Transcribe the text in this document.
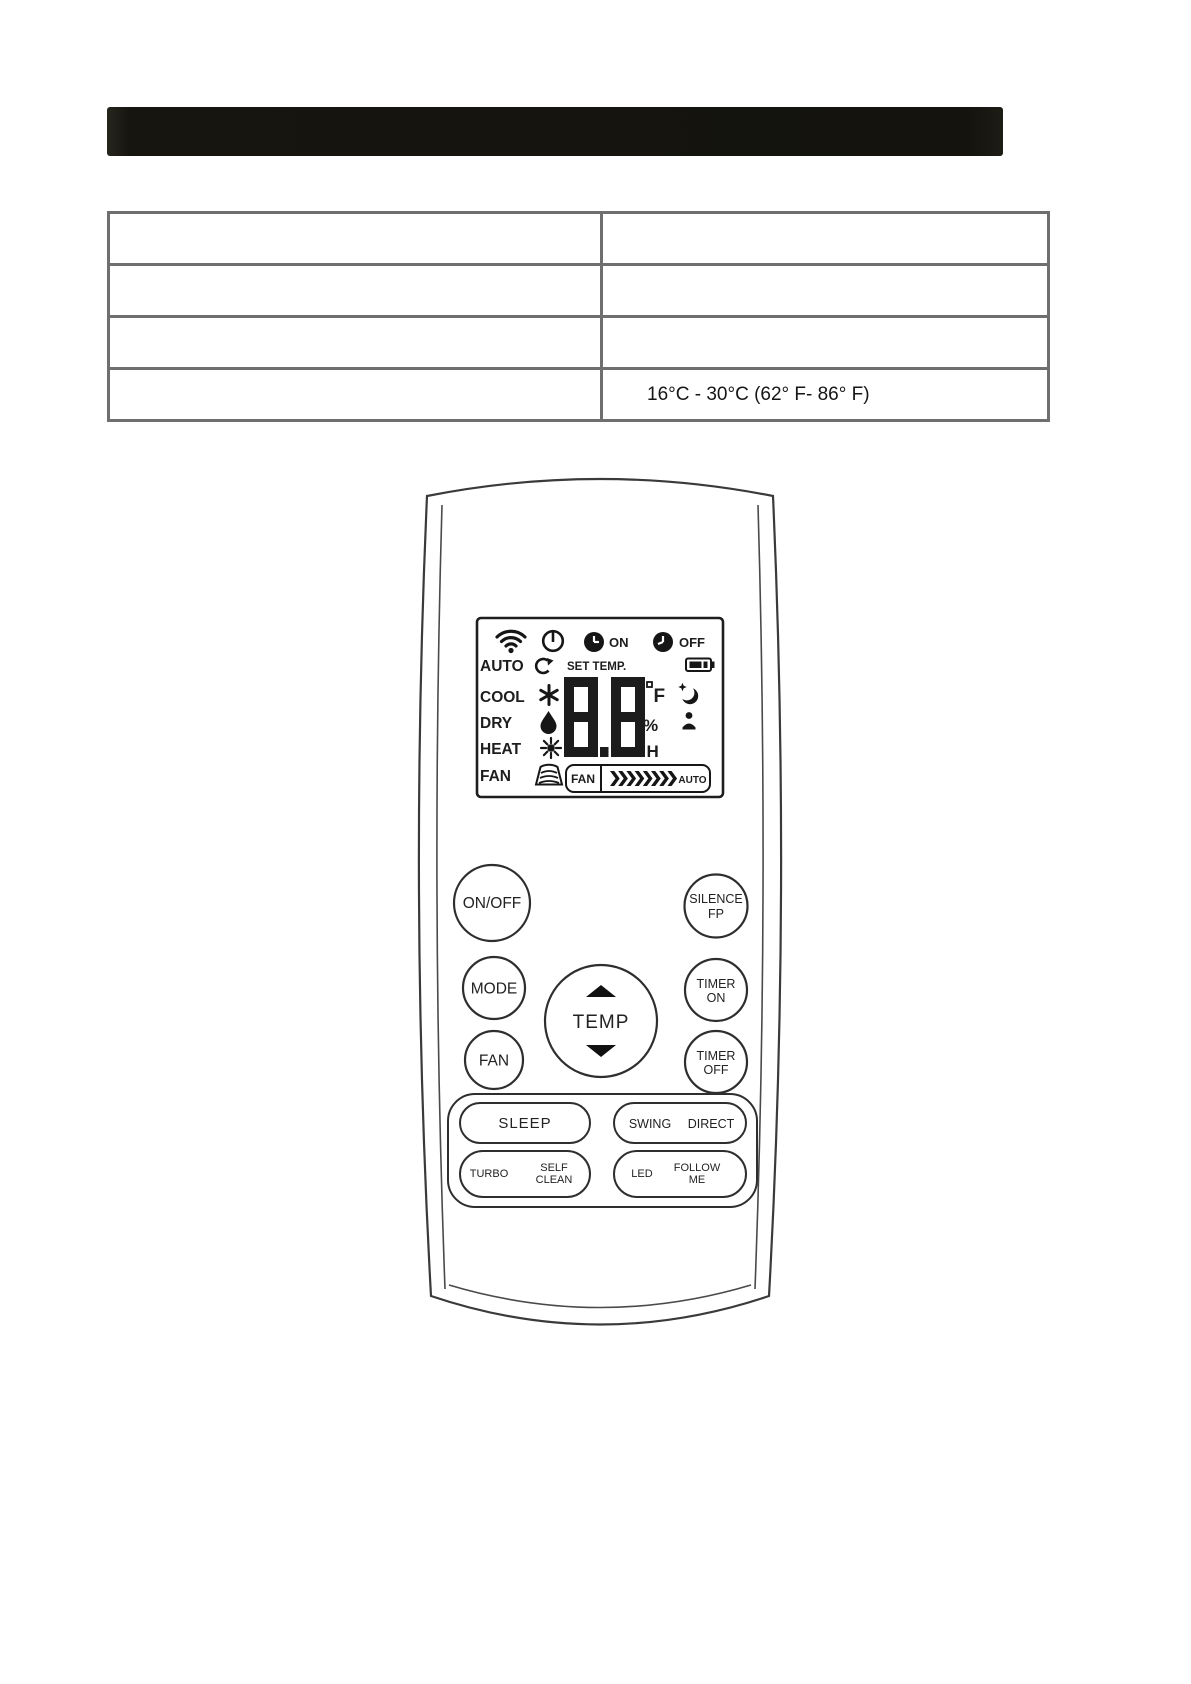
	16°C - 30°C (62° F- 86° F)
ON	OFF
AUTO	SET TEMP.
COOL
DRY
HEAT
FAN
F
%
H
FAN	AUTO
ON/OFF	SILENCE
FP
MODE	TIMER
ON
FAN	TIMER
OFF
TEMP
SLEEP	SWING DIRECT
TURBO	SELF
CLEAN	LED FOLLOW
ME
